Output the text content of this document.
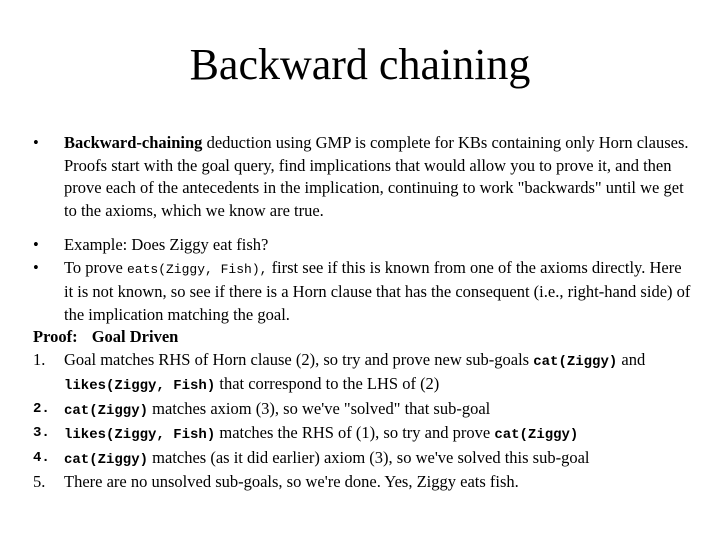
Backward chaining
• Backward-chaining deduction using GMP is complete for KBs containing only Horn clauses. Proofs start with the goal query, find implications that would allow you to prove it, and then prove each of the antecedents in the implication, continuing to work "backwards" until we get to the axioms, which we know are true.
• Example: Does Ziggy eat fish?
• To prove eats(Ziggy, Fish), first see if this is known from one of the axioms directly. Here it is not known, so see if there is a Horn clause that has the consequent (i.e., right-hand side) of the implication matching the goal.
Proof: Goal Driven
1. Goal matches RHS of Horn clause (2), so try and prove new sub-goals cat(Ziggy) and likes(Ziggy, Fish) that correspond to the LHS of (2)
2. cat(Ziggy) matches axiom (3), so we've "solved" that sub-goal
3. likes(Ziggy, Fish) matches the RHS of (1), so try and prove cat(Ziggy)
4. cat(Ziggy) matches (as it did earlier) axiom (3), so we've solved this sub-goal
5. There are no unsolved sub-goals, so we're done. Yes, Ziggy eats fish.
